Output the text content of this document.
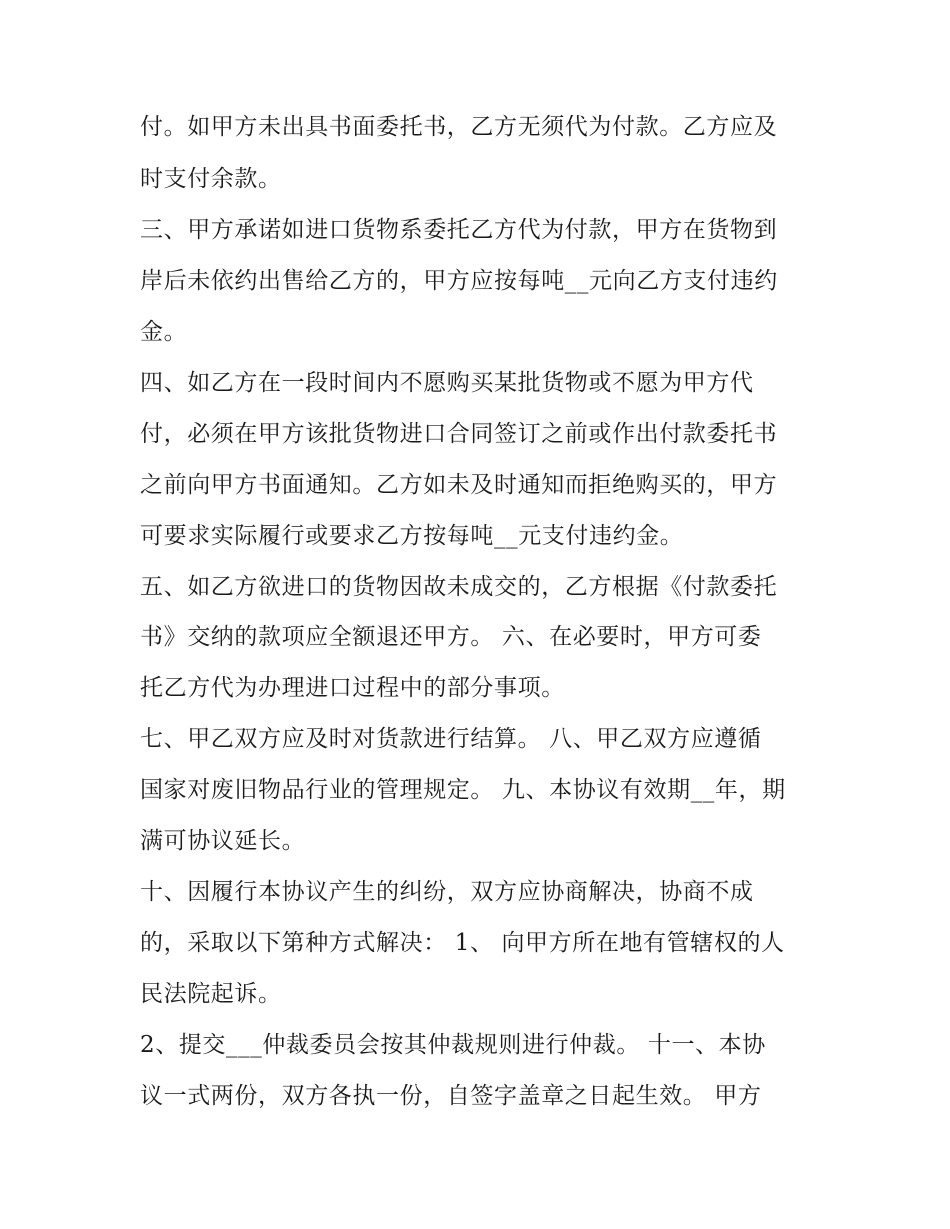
付。如甲方未出具书面委托书，乙方无须代为付款。乙方应及
时支付余款。
三、甲方承诺如进口货物系委托乙方代为付款，甲方在货物到
岸后未依约出售给乙方的，甲方应按每吨__元向乙方支付违约
金。
四、如乙方在一段时间内不愿购买某批货物或不愿为甲方代
付，必须在甲方该批货物进口合同签订之前或作出付款委托书
之前向甲方书面通知。乙方如未及时通知而拒绝购买的，甲方
可要求实际履行或要求乙方按每吨__元支付违约金。
五、如乙方欲进口的货物因故未成交的，乙方根据《付款委托
书》交纳的款项应全额退还甲方。 六、在必要时，甲方可委
托乙方代为办理进口过程中的部分事项。
七、甲乙双方应及时对货款进行结算。 八、甲乙双方应遵循
国家对废旧物品行业的管理规定。 九、本协议有效期__年，期
满可协议延长。
十、因履行本协议产生的纠纷，双方应协商解决，协商不成
的，采取以下第种方式解决： 1、 向甲方所在地有管辖权的人
民法院起诉。
2、提交___仲裁委员会按其仲裁规则进行仲裁。 十一、本协
议一式两份，双方各执一份，自签字盖章之日起生效。 甲方
